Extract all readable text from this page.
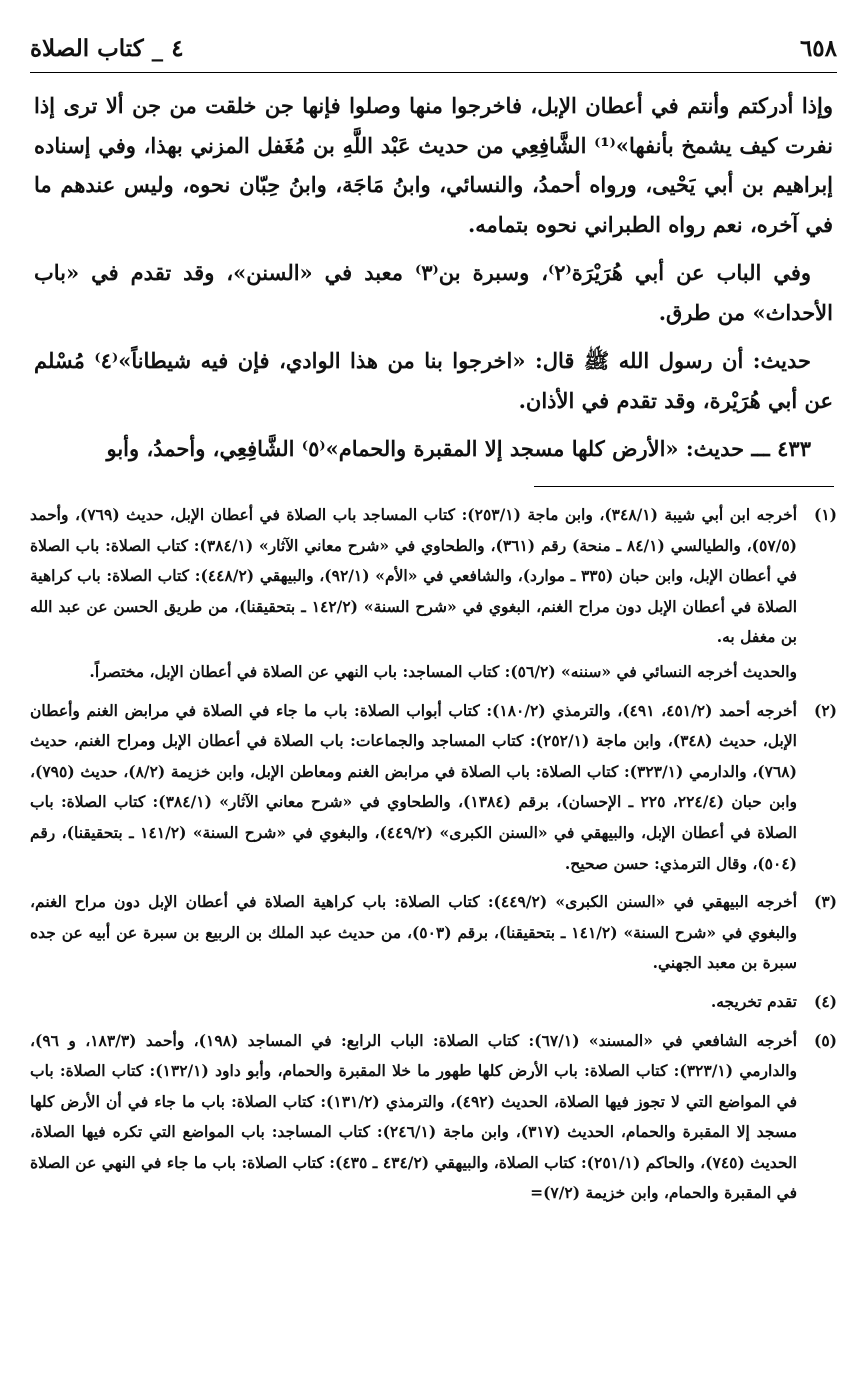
٦٥٨
٤ _ كتاب الصلاة

وإذا أدركتم وأنتم في أعطان الإبل، فاخرجوا منها وصلوا فإنها جن خلقت من جن ألا ترى إذا نفرت كيف يشمخ بأنفها»⁽¹⁾ الشَّافِعِي من حديث عَبْد اللَّهِ بن مُغَفل المزني بهذا، وفي إسناده إبراهيم بن أبي يَحْيى، ورواه أحمدُ، والنسائي، وابنُ مَاجَة، وابنُ حِبّان نحوه، وليس عندهم ما في آخره، نعم رواه الطبراني نحوه بتمامه.

وفي الباب عن أبي هُرَيْرَة⁽٢⁾، وسبرة بن⁽٣⁾ معبد في «السنن»، وقد تقدم في «باب الأحداث» من طرق.

حديث: أن رسول الله ﷺ قال: «اخرجوا بنا من هذا الوادي، فإن فيه شيطاناً»⁽٤⁾ مُسْلم عن أبي هُرَيْرة، وقد تقدم في الأذان.

٤٣٣ ـــ حديث: «الأرض كلها مسجد إلا المقبرة والحمام»⁽٥⁾ الشَّافِعِي، وأحمدُ، وأبو

(١)

أخرجه ابن أبي شيبة (٣٤٨/١)، وابن ماجة (٢٥٣/١): كتاب المساجد باب الصلاة في أعطان الإبل، حديث (٧٦٩)، وأحمد (٥٧/٥)، والطيالسي (٨٤/١ ـ منحة) رقم (٣٦١)، والطحاوي في «شرح معاني الآثار» (٣٨٤/١): كتاب الصلاة: باب الصلاة في أعطان الإبل، وابن حبان (٣٣٥ ـ موارد)، والشافعي في «الأم» (٩٢/١)، والبيهقي (٤٤٨/٢): كتاب الصلاة: باب كراهية الصلاة في أعطان الإبل دون مراح الغنم، البغوي في «شرح السنة» (١٤٢/٢ ـ بتحقيقنا)، من طريق الحسن عن عبد الله بن مغفل به.

والحديث أخرجه النسائي في «سننه» (٥٦/٢): كتاب المساجد: باب النهي عن الصلاة في أعطان الإبل، مختصراً.

(٢)

أخرجه أحمد (٤٥١/٢، ٤٩١)، والترمذي (١٨٠/٢): كتاب أبواب الصلاة: باب ما جاء في الصلاة في مرابض الغنم وأعطان الإبل، حديث (٣٤٨)، وابن ماجة (٢٥٢/١): كتاب المساجد والجماعات: باب الصلاة في أعطان الإبل ومراح الغنم، حديث (٧٦٨)، والدارمي (٣٢٣/١): كتاب الصلاة: باب الصلاة في مرابض الغنم ومعاطن الإبل، وابن خزيمة (٨/٢)، حديث (٧٩٥)، وابن حبان (٢٢٤/٤، ٢٢٥ ـ الإحسان)، برقم (١٣٨٤)، والطحاوي في «شرح معاني الآثار» (٣٨٤/١): كتاب الصلاة: باب الصلاة في أعطان الإبل، والبيهقي في «السنن الكبرى» (٤٤٩/٢)، والبغوي في «شرح السنة» (١٤١/٢ ـ بتحقيقنا)، رقم (٥٠٤)، وقال الترمذي: حسن صحيح.

(٣)

أخرجه البيهقي في «السنن الكبرى» (٤٤٩/٢): كتاب الصلاة: باب كراهية الصلاة في أعطان الإبل دون مراح الغنم، والبغوي في «شرح السنة» (١٤١/٢ ـ بتحقيقنا)، برقم (٥٠٣)، من حديث عبد الملك بن الربيع بن سبرة عن أبيه عن جده سبرة بن معبد الجهني.

(٤)

تقدم تخريجه.

(٥)

أخرجه الشافعي في «المسند» (٦٧/١): كتاب الصلاة: الباب الرابع: في المساجد (١٩٨)، وأحمد (١٨٣/٣، و ٩٦)، والدارمي (٣٢٣/١): كتاب الصلاة: باب الأرض كلها طهور ما خلا المقبرة والحمام، وأبو داود (١٣٢/١): كتاب الصلاة: باب في المواضع التي لا تجوز فيها الصلاة، الحديث (٤٩٢)، والترمذي (١٣١/٢): كتاب الصلاة: باب ما جاء في أن الأرض كلها مسجد إلا المقبرة والحمام، الحديث (٣١٧)، وابن ماجة (٢٤٦/١): كتاب المساجد: باب المواضع التي تكره فيها الصلاة، الحديث (٧٤٥)، والحاكم (٢٥١/١): كتاب الصلاة، والبيهقي (٤٣٤/٢ ـ ٤٣٥): كتاب الصلاة: باب ما جاء في النهي عن الصلاة في المقبرة والحمام، وابن خزيمة (٧/٢)=
